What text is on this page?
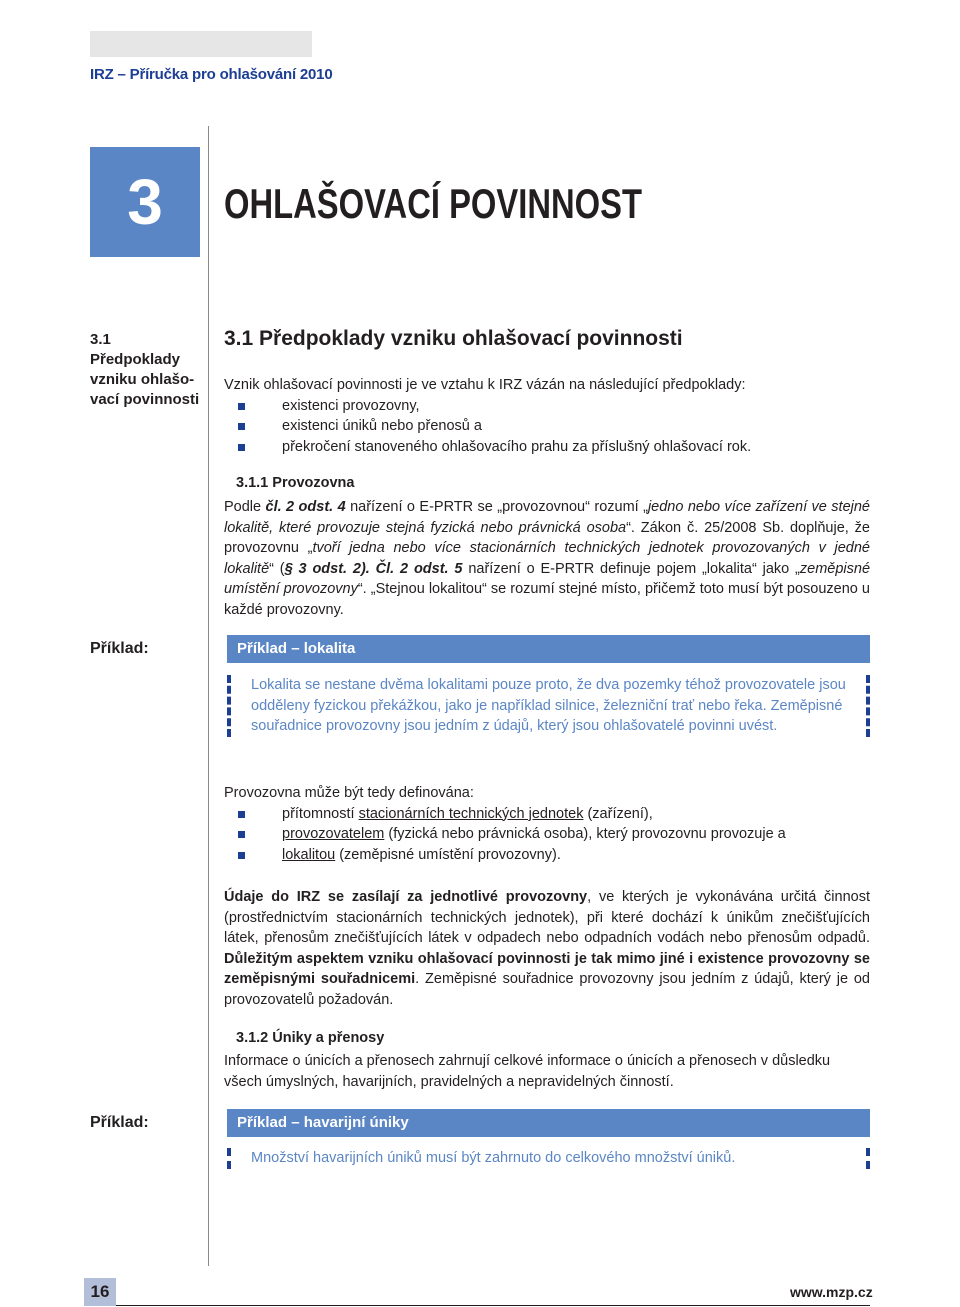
IRZ – Příručka pro ohlašování 2010
3	OHLAŠOVACÍ POVINNOST
3.1
Předpoklady
vzniku ohlašo-
vací povinnosti
3.1 Předpoklady vzniku ohlašovací povinnosti
Vznik ohlašovací povinnosti je ve vztahu k IRZ vázán na následující předpoklady:
existenci provozovny,
existenci úniků nebo přenosů a
překročení stanoveného ohlašovacího prahu za příslušný ohlašovací rok.
3.1.1 Provozovna
Podle čl. 2 odst. 4 nařízení o E-PRTR se „provozovnou“ rozumí „jedno nebo více zařízení ve stejné lokalitě, které provozuje stejná fyzická nebo právnická osoba“. Zákon č. 25/2008 Sb. doplňuje, že provozovnu „tvoří jedna nebo více stacionárních technických jednotek provozovaných v jedné lokalitě“ (§ 3 odst. 2). Čl. 2 odst. 5 nařízení o E-PRTR definuje pojem „lokalita“ jako „zeměpisné umístění provozovny“. „Stejnou lokalitou“ se rozumí stejné místo, přičemž toto musí být posouzeno u každé provozovny.
Příklad:	Příklad – lokalita
Lokalita se nestane dvěma lokalitami pouze proto, že dva pozemky téhož provozovatele jsou odděleny fyzickou překážkou, jako je například silnice, železniční trať nebo řeka. Zeměpisné souřadnice provozovny jsou jedním z údajů, který jsou ohlašovatelé povinni uvést.
Provozovna může být tedy definována:
přítomností stacionárních technických jednotek (zařízení),
provozovatelem (fyzická nebo právnická osoba), který provozovnu provozuje a
lokalitou (zeměpisné umístění provozovny).
Údaje do IRZ se zasílají za jednotlivé provozovny, ve kterých je vykonávána určitá činnost (prostřednictvím stacionárních technických jednotek), při které dochází k únikům znečišťujících látek, přenosům znečišťujících látek v odpadech nebo odpadních vodách nebo přenosům odpadů. Důležitým aspektem vzniku ohlašovací povinnosti je tak mimo jiné i existence provozovny se zeměpisnými souřadnicemi. Zeměpisné souřadnice provozovny jsou jedním z údajů, který je od provozovatelů požadován.
3.1.2 Úniky a přenosy
Informace o únicích a přenosech zahrnují celkové informace o únicích a přenosech v důsledku všech úmyslných, havarijních, pravidelných a nepravidelných činností.
Příklad:	Příklad – havarijní úniky
Množství havarijních úniků musí být zahrnuto do celkového množství úniků.
16	www.mzp.cz
